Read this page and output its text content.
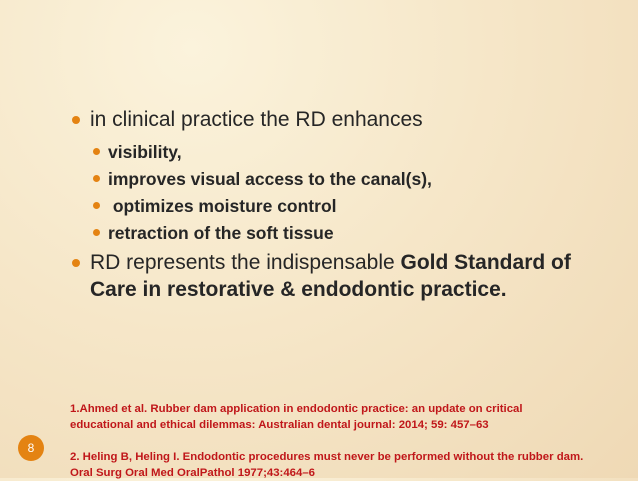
in clinical practice the RD enhances
visibility,
improves visual access to the canal(s),
optimizes moisture control
retraction of the soft tissue
RD represents the indispensable Gold Standard of Care in restorative & endodontic practice.

1.Ahmed et al. Rubber dam application in endodontic practice: an update on critical

educational and ethical dilemmas: Australian dental journal: 2014; 59: 457–63

2. Heling B, Heling I. Endodontic procedures must never be performed without the rubber dam.

Oral Surg Oral Med OralPathol 1977;43:464–6

8
